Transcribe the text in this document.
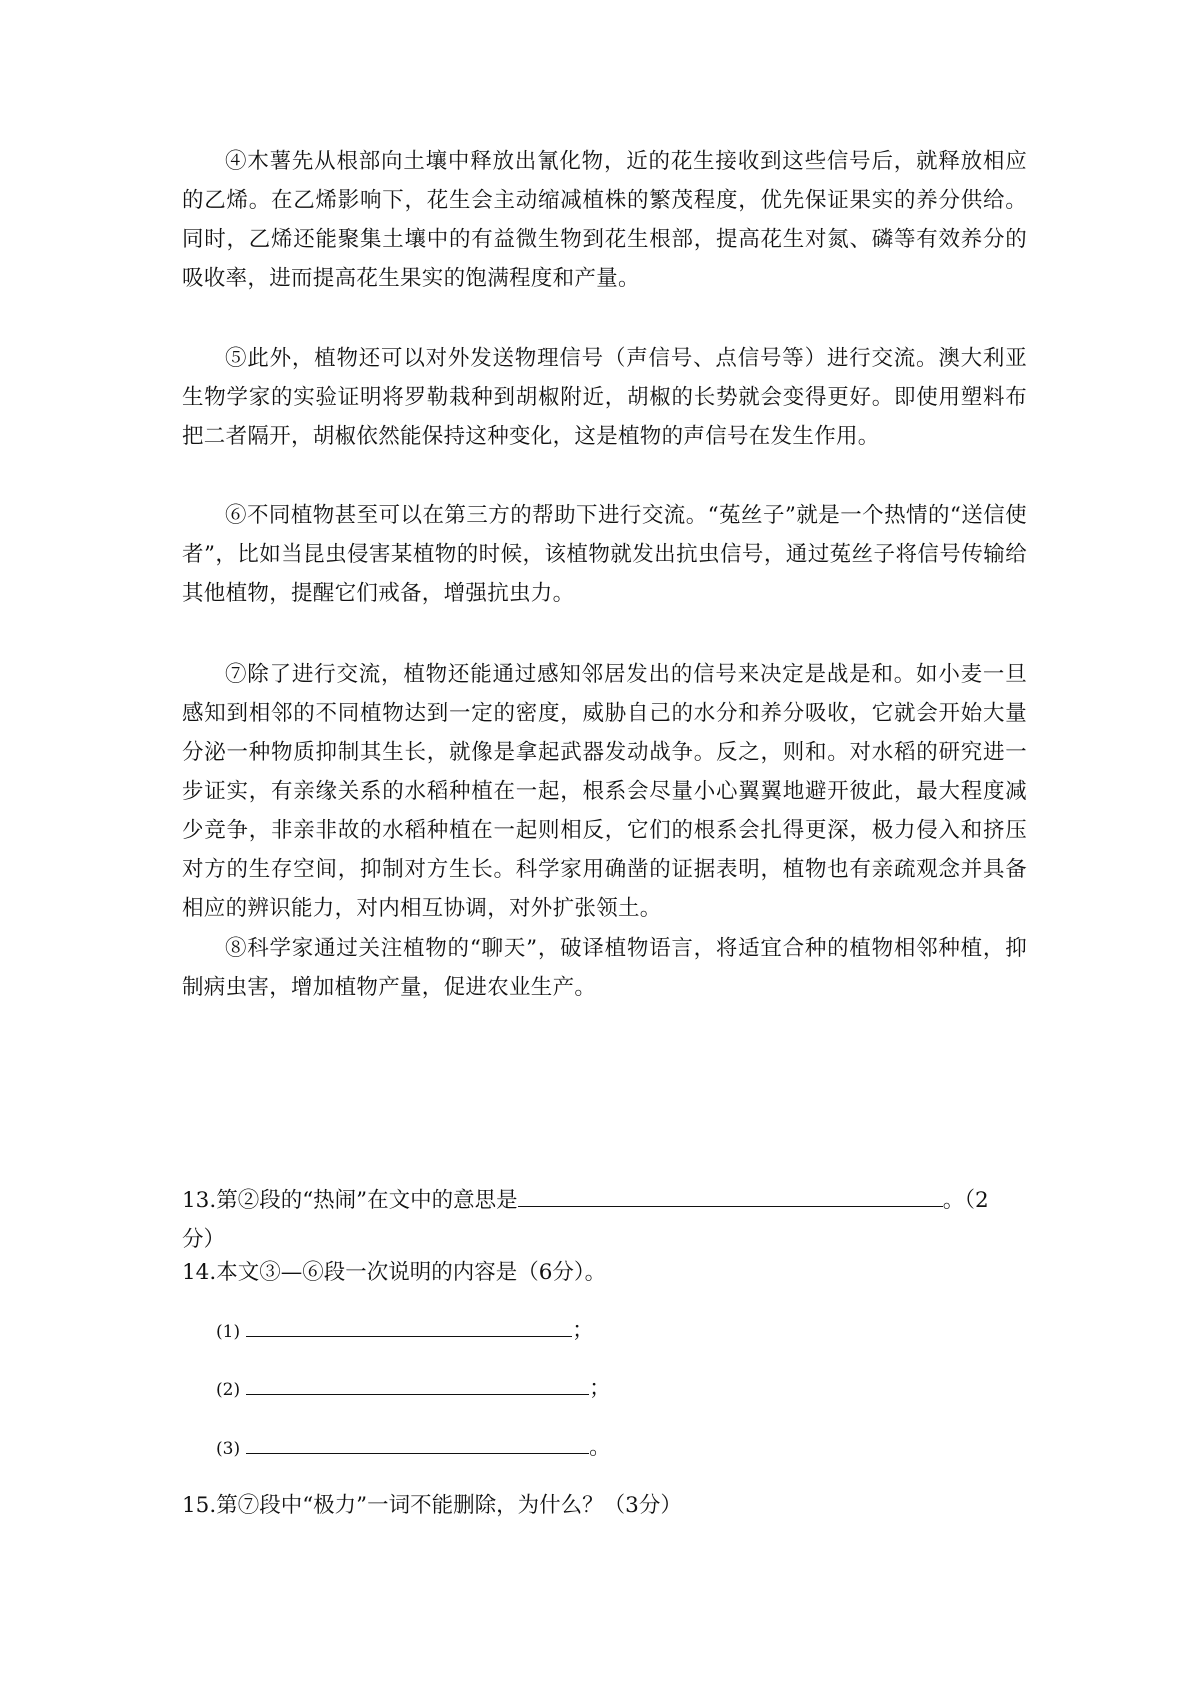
④木薯先从根部向土壤中释放出氰化物，近的花生接收到这些信号后，就释放相应的乙烯。在乙烯影响下，花生会主动缩减植株的繁茂程度，优先保证果实的养分供给。同时，乙烯还能聚集土壤中的有益微生物到花生根部，提高花生对氮、磷等有效养分的吸收率，进而提高花生果实的饱满程度和产量。

⑤此外，植物还可以对外发送物理信号（声信号、点信号等）进行交流。澳大利亚生物学家的实验证明将罗勒栽种到胡椒附近，胡椒的长势就会变得更好。即使用塑料布把二者隔开，胡椒依然能保持这种变化，这是植物的声信号在发生作用。

⑥不同植物甚至可以在第三方的帮助下进行交流。“菟丝子”就是一个热情的“送信使者”，比如当昆虫侵害某植物的时候，该植物就发出抗虫信号，通过菟丝子将信号传输给其他植物，提醒它们戒备，增强抗虫力。

⑦除了进行交流，植物还能通过感知邻居发出的信号来决定是战是和。如小麦一旦感知到相邻的不同植物达到一定的密度，威胁自己的水分和养分吸收，它就会开始大量分泌一种物质抑制其生长，就像是拿起武器发动战争。反之，则和。对水稻的研究进一步证实，有亲缘关系的水稻种植在一起，根系会尽量小心翼翼地避开彼此，最大程度减少竞争，非亲非故的水稻种植在一起则相反，它们的根系会扎得更深，极力侵入和挤压对方的生存空间，抑制对方生长。科学家用确凿的证据表明，植物也有亲疏观念并具备相应的辨识能力，对内相互协调，对外扩张领土。

⑧科学家通过关注植物的“聊天”，破译植物语言，将适宜合种的植物相邻种植，抑制病虫害，增加植物产量，促进农业生产。

13.第②段的“热闹”在文中的意思是	。（2
分）
14.本文③—⑥段一次说明的内容是（6分）。
(1)	；
(2)	；
(3)	。
15.第⑦段中“极力”一词不能删除，为什么？（3分）
